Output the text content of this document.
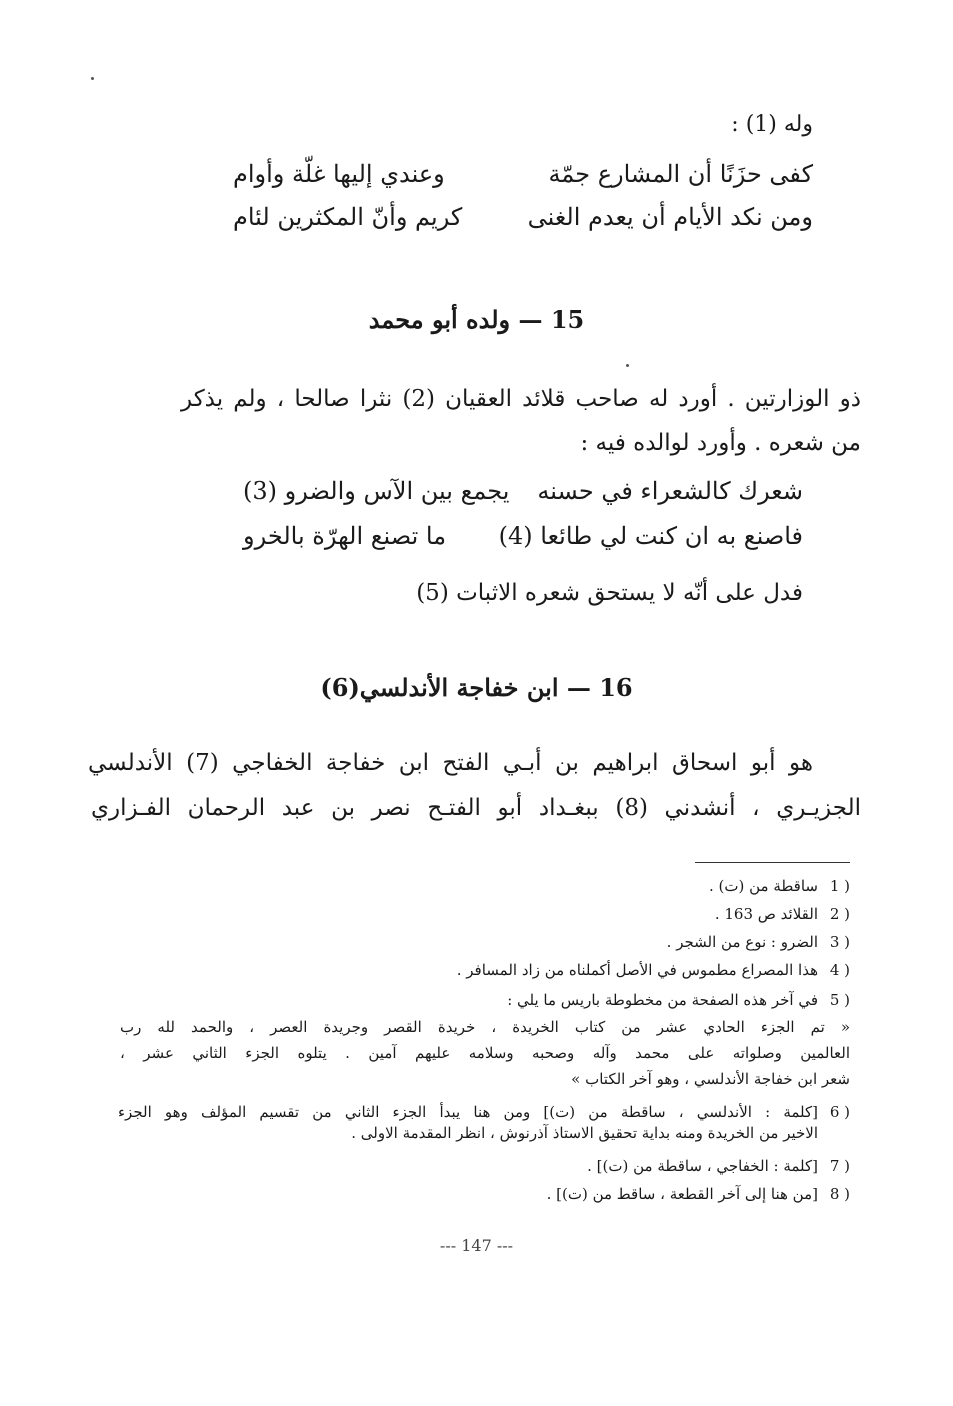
وله (1) :
كفى حزَنًا أن المشارع جمّة
وعندي إليها غلّة وأوام
ومن نكد الأيام أن يعدم الغنى
كريم وأنّ المكثرين لئام
15 — ولده أبو محمد
ذو الوزارتين . أورد له صاحب قلائد العقيان (2) نثرا صالحا ، ولم يذكر
من شعره . وأورد لوالده فيه :
شعرك كالشعراء في حسنه
يجمع بين الآس والضرو (3)
فاصنع به ان كنت لي طائعا (4)
ما تصنع الهرّة بالخرو
فدل على أنّه لا يستحق شعره الاثبات (5)
16 — ابن خفاجة الأندلسي(6)
هو أبو اسحاق ابراهيم بن أبـي الفتح ابن خفاجة الخفاجي (7) الأندلسي
الجزيـري ، أنشدني (8) ببغـداد أبو الفتـح نصر بن عبد الرحمان الفـزاري
1 )
ساقطة من (ت) .
2 )
القلائد ص 163 .
3 )
الضرو : نوع من الشجر .
4 )
هذا المصراع مطموس في الأصل أكملناه من زاد المسافر .
5 )
في آخر هذه الصفحة من مخطوطة باريس ما يلي :
« تم الجزء الحادي عشر من كتاب الخريدة ، خريدة القصر وجريدة العصر ، والحمد لله رب
العالمين وصلواته على محمد وآله وصحبه وسلامه عليهم آمين . يتلوه الجزء الثاني عشر ،
شعر ابن خفاجة الأندلسي ، وهو آخر الكتاب »
6 )
[كلمة : الأندلسي ، ساقطة من (ت)] ومن هنا يبدأ الجزء الثاني من تقسيم المؤلف وهو الجزء
الاخير من الخريدة ومنه بداية تحقيق الاستاذ آذرنوش ، انظر المقدمة الاولى .
7 )
[كلمة : الخفاجي ، ساقطة من (ت)] .
8 )
[من هنا إلى آخر القطعة ، ساقط من (ت)] .
--- 147 ---
